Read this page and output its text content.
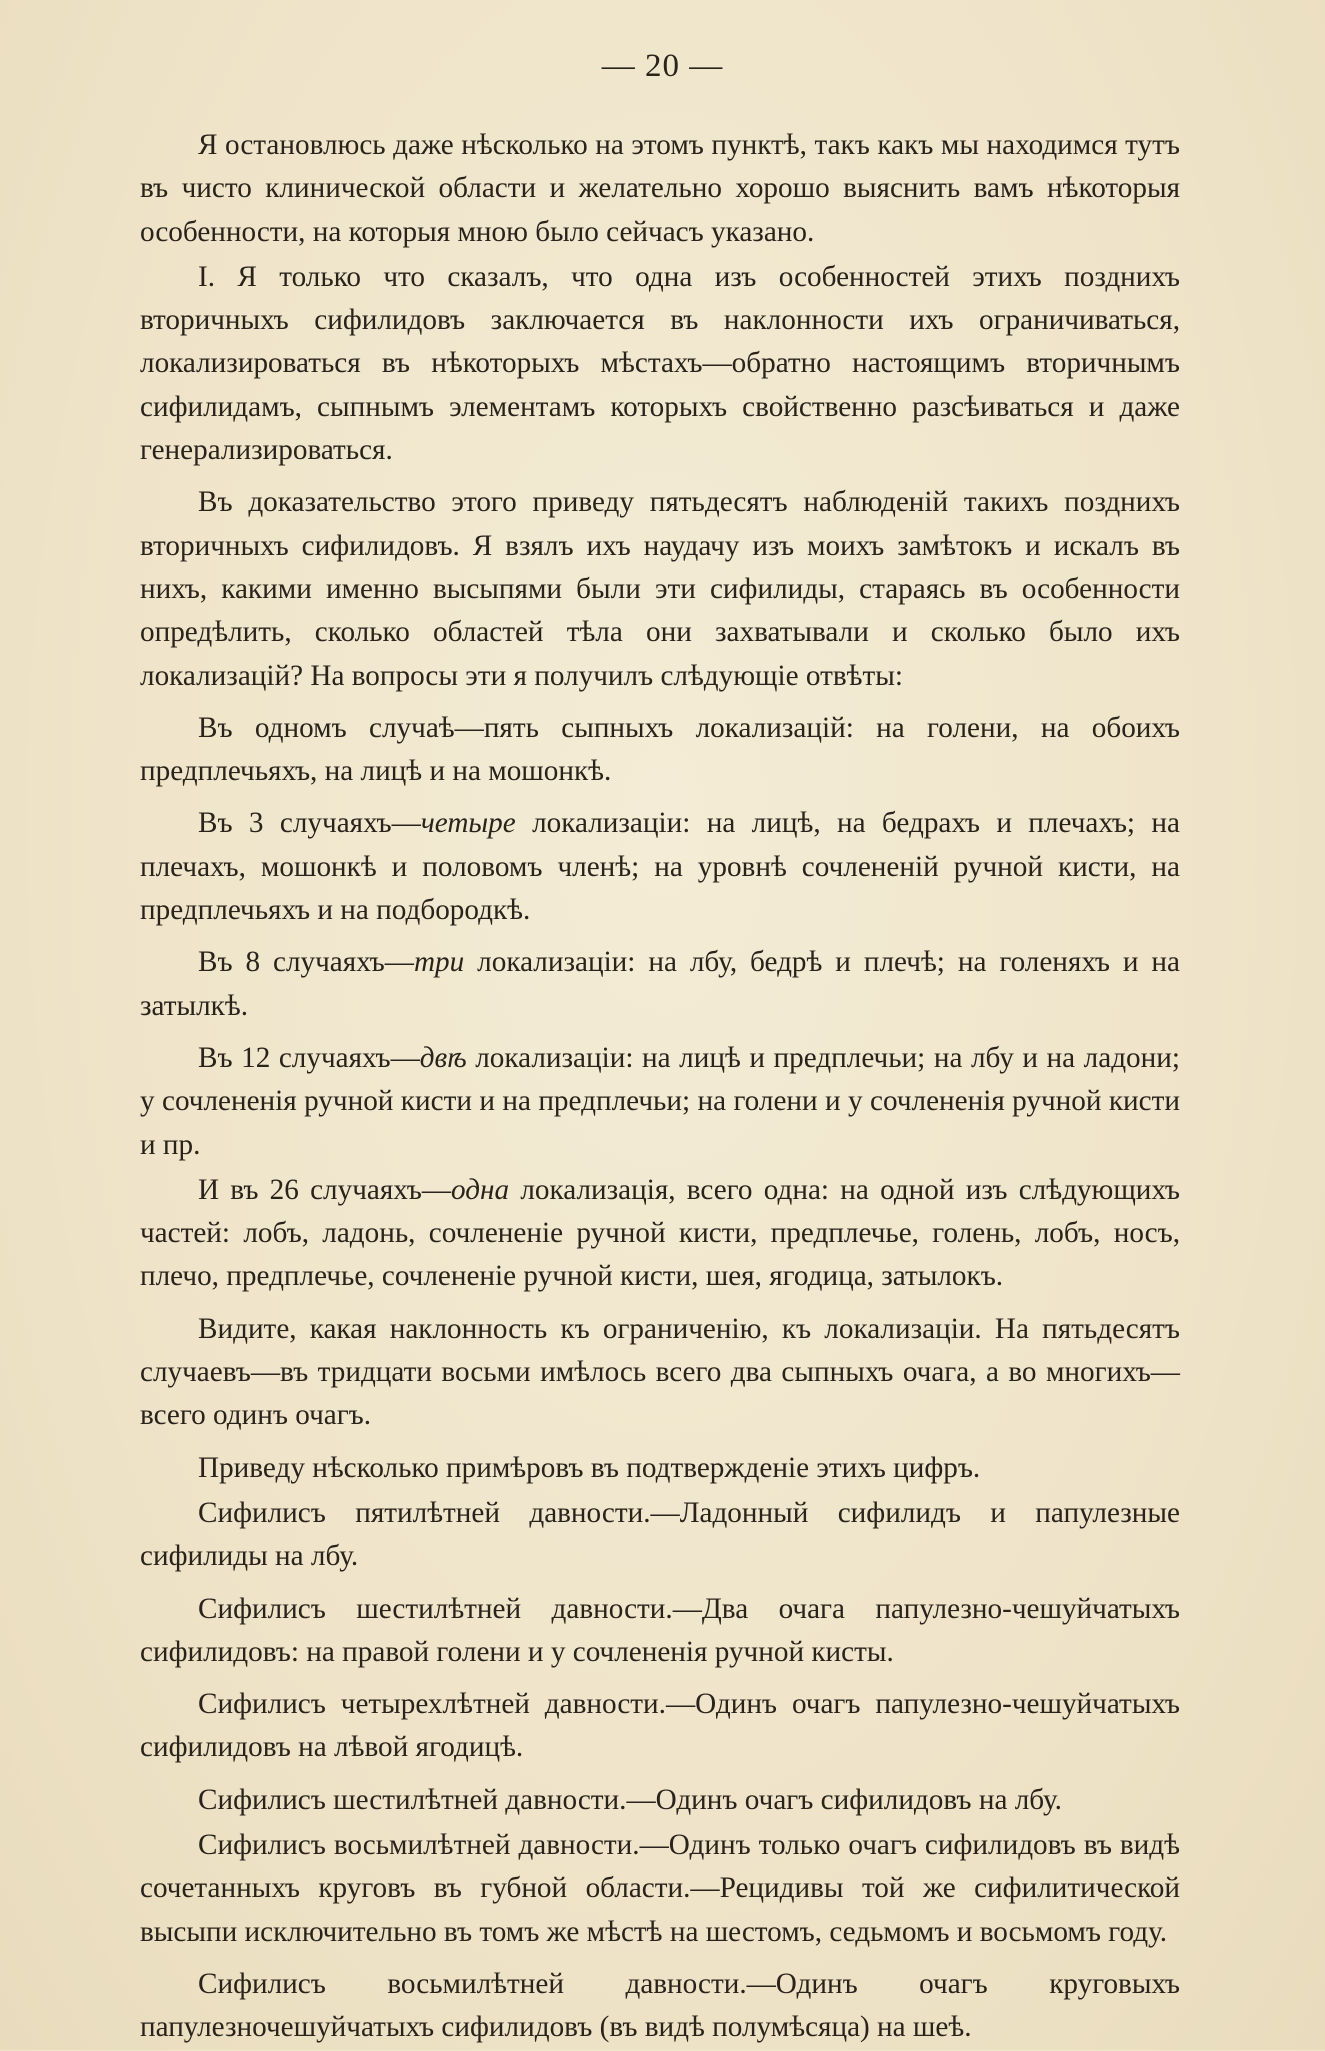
— 20 —

Я остановлюсь даже нѣсколько на этомъ пунктѣ, такъ какъ мы находимся тутъ въ чисто клинической области и желательно хорошо выяснить вамъ нѣкоторыя особенности, на которыя мною было сейчасъ указано.

I. Я только что сказалъ, что одна изъ особенностей этихъ позднихъ вторичныхъ сифилидовъ заключается въ наклонности ихъ ограничиваться, локализироваться въ нѣкоторыхъ мѣстахъ—обратно настоящимъ вторичнымъ сифилидамъ, сыпнымъ элементамъ которыхъ свойственно разсѣиваться и даже генерализироваться.

Въ доказательство этого приведу пятьдесятъ наблюденій такихъ позднихъ вторичныхъ сифилидовъ. Я взялъ ихъ наудачу изъ моихъ замѣтокъ и искалъ въ нихъ, какими именно высыпями были эти сифилиды, стараясь въ особенности опредѣлить, сколько областей тѣла они захватывали и сколько было ихъ локализацій? На вопросы эти я получилъ слѣдующіе отвѣты:

Въ одномъ случаѣ—пять сыпныхъ локализацій: на голени, на обоихъ предплечьяхъ, на лицѣ и на мошонкѣ.

Въ 3 случаяхъ—четыре локализаціи: на лицѣ, на бедрахъ и плечахъ; на плечахъ, мошонкѣ и половомъ членѣ; на уровнѣ сочлененій ручной кисти, на предплечьяхъ и на подбородкѣ.

Въ 8 случаяхъ—три локализаціи: на лбу, бедрѣ и плечѣ; на голеняхъ и на затылкѣ.

Въ 12 случаяхъ—двѣ локализаціи: на лицѣ и предплечьи; на лбу и на ладони; у сочлененія ручной кисти и на предплечьи; на голени и у сочлененія ручной кисти и пр.

И въ 26 случаяхъ—одна локализація, всего одна: на одной изъ слѣдующихъ частей: лобъ, ладонь, сочлененіе ручной кисти, предплечье, голень, лобъ, носъ, плечо, предплечье, сочлененіе ручной кисти, шея, ягодица, затылокъ.

Видите, какая наклонность къ ограниченію, къ локализаціи. На пятьдесятъ случаевъ—въ тридцати восьми имѣлось всего два сыпныхъ очага, а во многихъ—всего одинъ очагъ.

Приведу нѣсколько примѣровъ въ подтвержденіе этихъ цифръ.

Сифилисъ пятилѣтней давности.—Ладонный сифилидъ и папулезные сифилиды на лбу.

Сифилисъ шестилѣтней давности.—Два очага папулезно-чешуйчатыхъ сифилидовъ: на правой голени и у сочлененія ручной кисты.

Сифилисъ четырехлѣтней давности.—Одинъ очагъ папулезно-чешуйчатыхъ сифилидовъ на лѣвой ягодицѣ.

Сифилисъ шестилѣтней давности.—Одинъ очагъ сифилидовъ на лбу.

Сифилисъ восьмилѣтней давности.—Одинъ только очагъ сифилидовъ въ видѣ сочетанныхъ круговъ въ губной области.—Рецидивы той же сифилитической высыпи исключительно въ томъ же мѣстѣ на шестомъ, седьмомъ и восьмомъ году.

Сифилисъ восьмилѣтней давности.—Одинъ очагъ круговыхъ папулезночешуйчатыхъ сифилидовъ (въ видѣ полумѣсяца) на шеѣ.
